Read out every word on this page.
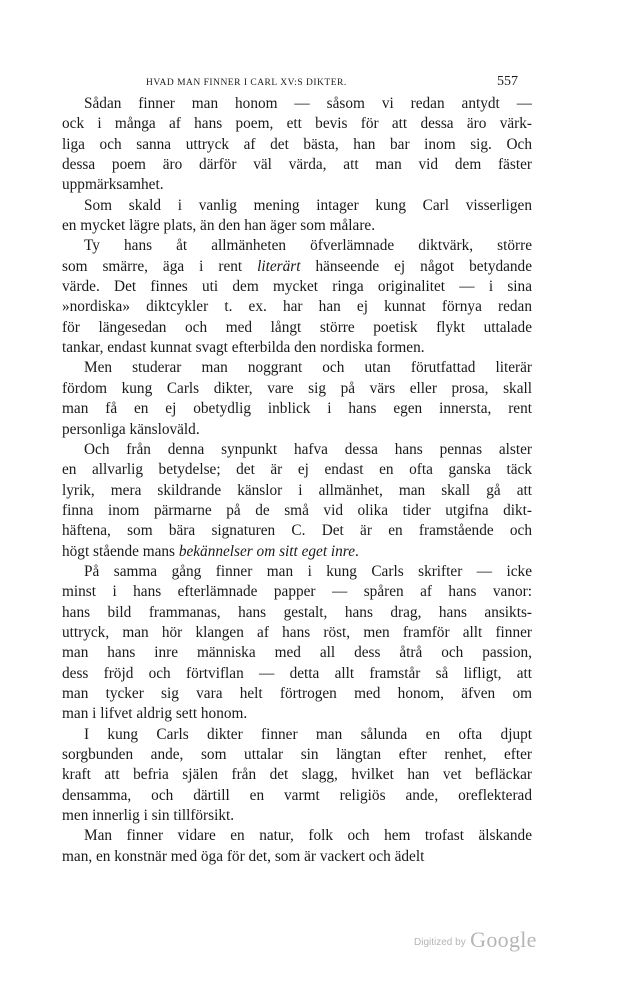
HVAD MAN FINNER I CARL XV:S DIKTER.	557
Sådan finner man honom — såsom vi redan antydt —
ock i många af hans poem, ett bevis för att dessa äro värk-
liga och sanna uttryck af det bästa, han bar inom sig. Och
dessa poem äro därför väl värda, att man vid dem fäster
uppmärksamhet.
Som skald i vanlig mening intager kung Carl visserligen
en mycket lägre plats, än den han äger som målare.
Ty hans åt allmänheten öfverlämnade diktvärk, större
som smärre, äga i rent literärt hänseende ej något betydande
värde. Det finnes uti dem mycket ringa originalitet — i sina
»nordiska» diktcykler t. ex. har han ej kunnat förnya redan
för längesedan och med långt större poetisk flykt uttalade
tankar, endast kunnat svagt efterbilda den nordiska formen.
Men studerar man noggrant och utan förutfattad literär
fördom kung Carls dikter, vare sig på värs eller prosa, skall
man få en ej obetydlig inblick i hans egen innersta, rent
personliga känsloväld.
Och från denna synpunkt hafva dessa hans pennas alster
en allvarlig betydelse; det är ej endast en ofta ganska täck
lyrik, mera skildrande känslor i allmänhet, man skall gå att
finna inom pärmarne på de små vid olika tider utgifna dikt-
häftena, som bära signaturen C. Det är en framstående och
högt stående mans bekännelser om sitt eget inre.
På samma gång finner man i kung Carls skrifter — icke
minst i hans efterlämnade papper — spåren af hans vanor:
hans bild frammanas, hans gestalt, hans drag, hans ansikts-
uttryck, man hör klangen af hans röst, men framför allt finner
man hans inre människa med all dess åtrå och passion,
dess fröjd och förtviflan — detta allt framstår så lifligt, att
man tycker sig vara helt förtrogen med honom, äfven om
man i lifvet aldrig sett honom.
I kung Carls dikter finner man sålunda en ofta djupt
sorgbunden ande, som uttalar sin längtan efter renhet, efter
kraft att befria själen från det slagg, hvilket han vet befläckar
densamma, och därtill en varmt religiös ande, oreflekterad
men innerlig i sin tillförsikt.
Man finner vidare en natur, folk och hem trofast älskande
man, en konstnär med öga för det, som är vackert och ädelt
Digitized by Google
